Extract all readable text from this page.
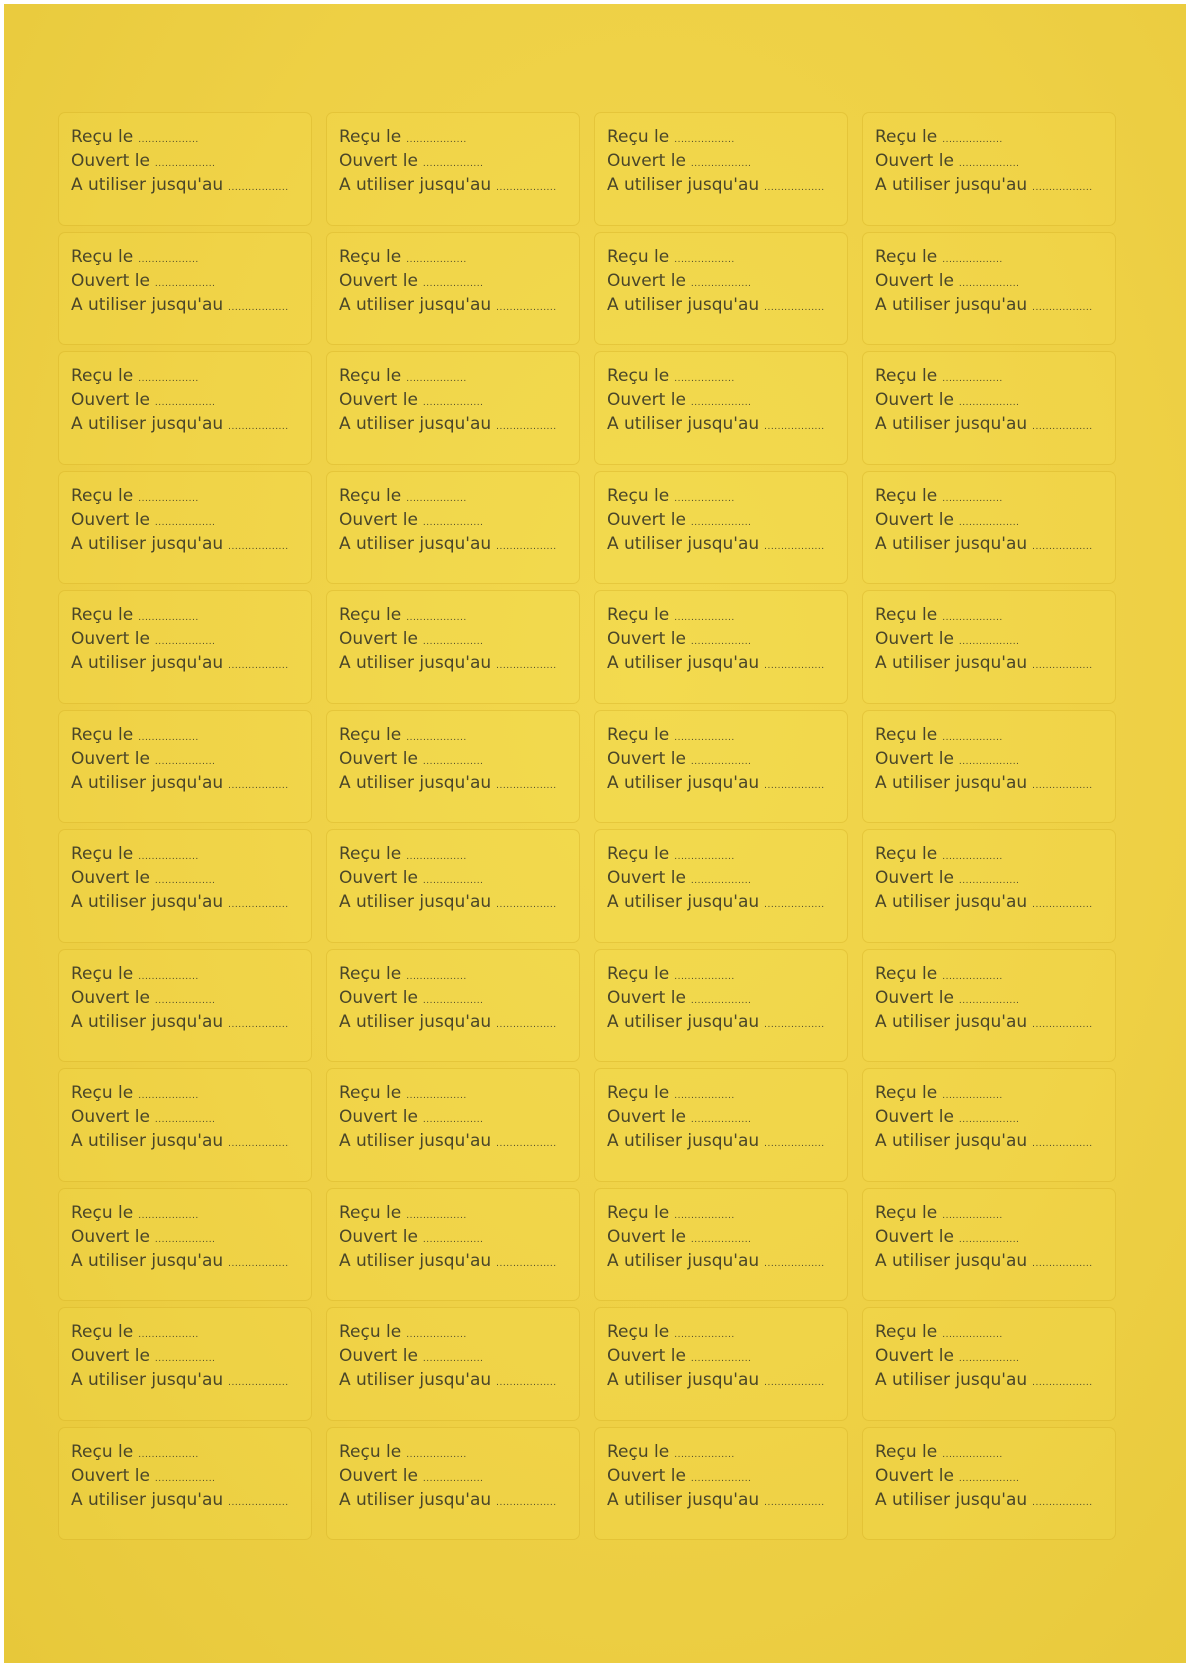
Reçu le ..................
Ouvert le ..................
A utiliser jusqu'au ..................
Reçu le ..................
Ouvert le ..................
A utiliser jusqu'au ..................
Reçu le ..................
Ouvert le ..................
A utiliser jusqu'au ..................
Reçu le ..................
Ouvert le ..................
A utiliser jusqu'au ..................
Reçu le ..................
Ouvert le ..................
A utiliser jusqu'au ..................
Reçu le ..................
Ouvert le ..................
A utiliser jusqu'au ..................
Reçu le ..................
Ouvert le ..................
A utiliser jusqu'au ..................
Reçu le ..................
Ouvert le ..................
A utiliser jusqu'au ..................
Reçu le ..................
Ouvert le ..................
A utiliser jusqu'au ..................
Reçu le ..................
Ouvert le ..................
A utiliser jusqu'au ..................
Reçu le ..................
Ouvert le ..................
A utiliser jusqu'au ..................
Reçu le ..................
Ouvert le ..................
A utiliser jusqu'au ..................
Reçu le ..................
Ouvert le ..................
A utiliser jusqu'au ..................
Reçu le ..................
Ouvert le ..................
A utiliser jusqu'au ..................
Reçu le ..................
Ouvert le ..................
A utiliser jusqu'au ..................
Reçu le ..................
Ouvert le ..................
A utiliser jusqu'au ..................
Reçu le ..................
Ouvert le ..................
A utiliser jusqu'au ..................
Reçu le ..................
Ouvert le ..................
A utiliser jusqu'au ..................
Reçu le ..................
Ouvert le ..................
A utiliser jusqu'au ..................
Reçu le ..................
Ouvert le ..................
A utiliser jusqu'au ..................
Reçu le ..................
Ouvert le ..................
A utiliser jusqu'au ..................
Reçu le ..................
Ouvert le ..................
A utiliser jusqu'au ..................
Reçu le ..................
Ouvert le ..................
A utiliser jusqu'au ..................
Reçu le ..................
Ouvert le ..................
A utiliser jusqu'au ..................
Reçu le ..................
Ouvert le ..................
A utiliser jusqu'au ..................
Reçu le ..................
Ouvert le ..................
A utiliser jusqu'au ..................
Reçu le ..................
Ouvert le ..................
A utiliser jusqu'au ..................
Reçu le ..................
Ouvert le ..................
A utiliser jusqu'au ..................
Reçu le ..................
Ouvert le ..................
A utiliser jusqu'au ..................
Reçu le ..................
Ouvert le ..................
A utiliser jusqu'au ..................
Reçu le ..................
Ouvert le ..................
A utiliser jusqu'au ..................
Reçu le ..................
Ouvert le ..................
A utiliser jusqu'au ..................
Reçu le ..................
Ouvert le ..................
A utiliser jusqu'au ..................
Reçu le ..................
Ouvert le ..................
A utiliser jusqu'au ..................
Reçu le ..................
Ouvert le ..................
A utiliser jusqu'au ..................
Reçu le ..................
Ouvert le ..................
A utiliser jusqu'au ..................
Reçu le ..................
Ouvert le ..................
A utiliser jusqu'au ..................
Reçu le ..................
Ouvert le ..................
A utiliser jusqu'au ..................
Reçu le ..................
Ouvert le ..................
A utiliser jusqu'au ..................
Reçu le ..................
Ouvert le ..................
A utiliser jusqu'au ..................
Reçu le ..................
Ouvert le ..................
A utiliser jusqu'au ..................
Reçu le ..................
Ouvert le ..................
A utiliser jusqu'au ..................
Reçu le ..................
Ouvert le ..................
A utiliser jusqu'au ..................
Reçu le ..................
Ouvert le ..................
A utiliser jusqu'au ..................
Reçu le ..................
Ouvert le ..................
A utiliser jusqu'au ..................
Reçu le ..................
Ouvert le ..................
A utiliser jusqu'au ..................
Reçu le ..................
Ouvert le ..................
A utiliser jusqu'au ..................
Reçu le ..................
Ouvert le ..................
A utiliser jusqu'au ..................
